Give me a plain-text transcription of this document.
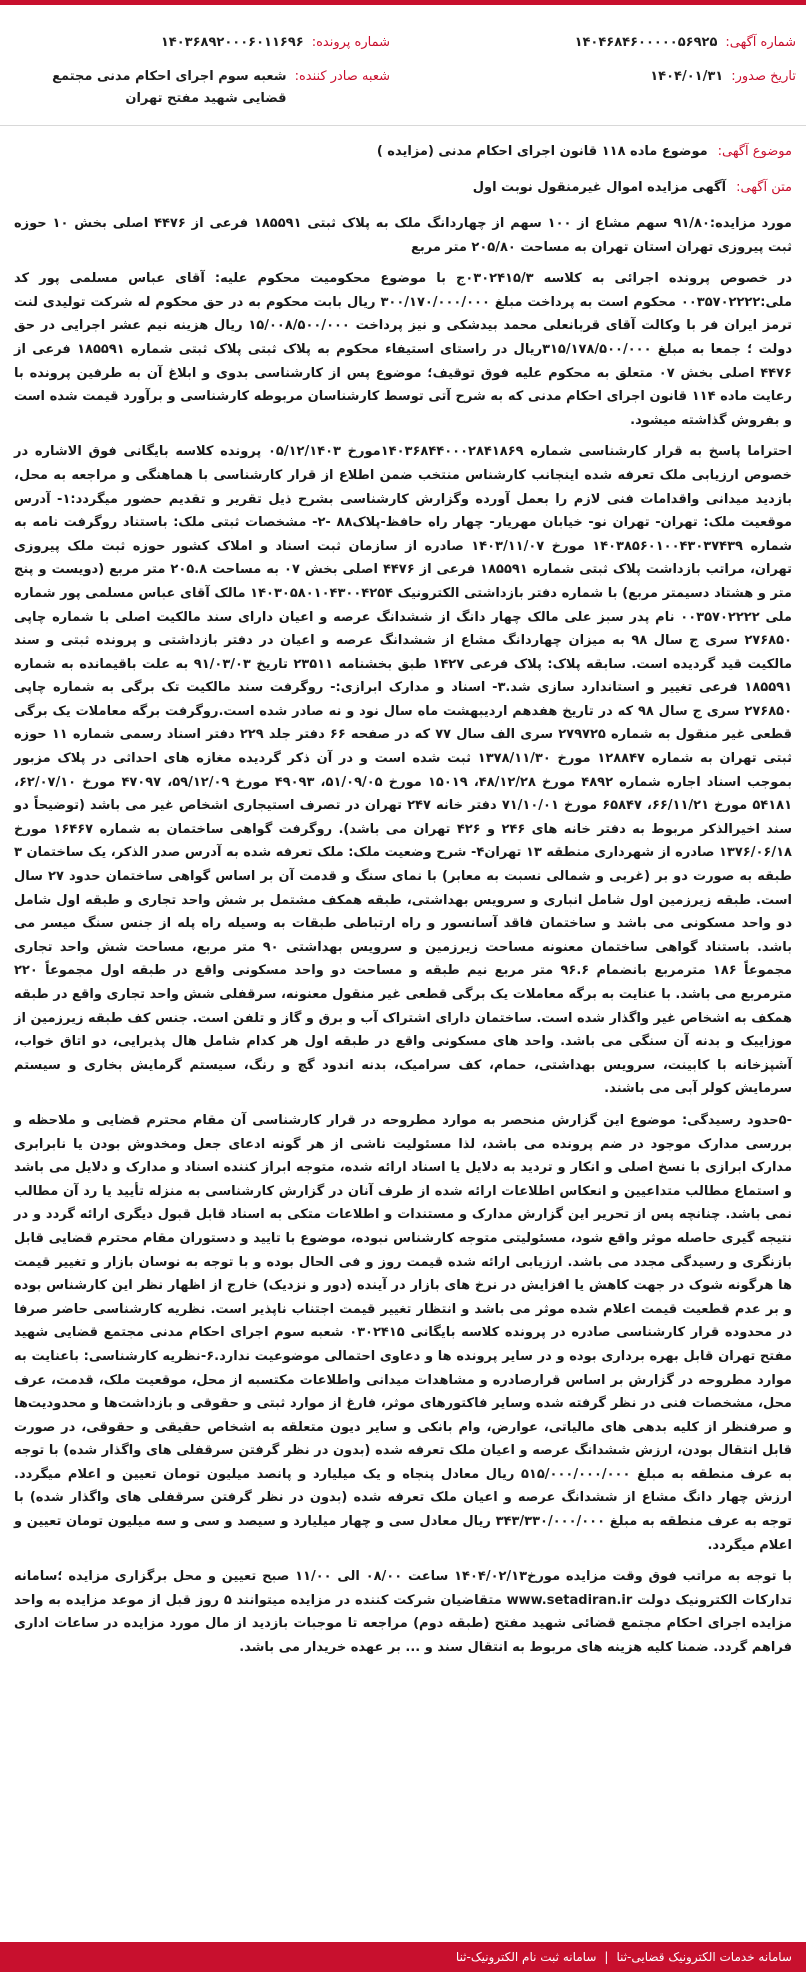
شماره آگهی:
۱۴۰۴۶۸۴۶۰۰۰۰۰۵۶۹۲۵
تاریخ صدور:
۱۴۰۴/۰۱/۳۱
شماره پرونده:
۱۴۰۳۶۸۹۲۰۰۰۶۰۱۱۶۹۶
شعبه صادر کننده:
شعبه سوم اجرای احکام مدنی مجتمع قضایی شهید مفتح تهران
موضوع آگهی:
موضوع ماده ۱۱۸ قانون اجرای احکام مدنی (مزایده )
متن آگهی:
آگهی مزایده اموال غیرمنقول نوبت اول

مورد مزایده:۹۱/۸۰ سهم مشاع از ۱۰۰ سهم از چهاردانگ ملک به پلاک ثبتی ۱۸۵۵۹۱ فرعی از ۴۴۷۶ اصلی بخش ۱۰ حوزه ثبت پیروزی تهران استان تهران به مساحت ۲۰۵/۸۰ متر مربع

در خصوص پرونده اجرائی به کلاسه ۰۳۰۲۴۱۵/۳ج با موضوع محکومیت محکوم علیه: آقای عباس مسلمی پور کد ملی:۰۰۳۵۷۰۲۲۲۲ محکوم است به پرداخت مبلغ ۳۰۰/۱۷۰/۰۰۰/۰۰۰ ریال بابت محکوم به در حق محکوم له شرکت تولیدی لنت ترمز ایران فر با وکالت آقای قربانعلی محمد بیدشکی و نیز پرداخت ۱۵/۰۰۸/۵۰۰/۰۰۰ ریال هزینه نیم عشر اجرایی در حق دولت ؛ جمعا به مبلغ ۳۱۵/۱۷۸/۵۰۰/۰۰۰ریال در راستای استیفاء محکوم به پلاک ثبتی پلاک ثبتی شماره ۱۸۵۵۹۱ فرعی از ۴۴۷۶ اصلی بخش ۰۷ متعلق به محکوم علیه فوق توقیف؛ موضوع پس از کارشناسی بدوی و ابلاغ آن به طرفین پرونده با رعایت ماده ۱۱۴ قانون اجرای احکام مدنی که به شرح آتی توسط کارشناسان مربوطه کارشناسی و برآورد قیمت شده است و بفروش گذاشته میشود.

احتراما پاسخ به قرار کارشناسی شماره ۱۴۰۳۶۸۴۴۰۰۰۲۸۴۱۸۶۹مورخ ۰۵/۱۲/۱۴۰۳ پرونده کلاسه بایگانی فوق الاشاره در خصوص ارزیابی ملک تعرفه شده اینجانب کارشناس منتخب ضمن اطلاع از قرار کارشناسی با هماهنگی و مراجعه به محل، بازدید میدانی واقدامات فنی لازم را بعمل آورده وگزارش کارشناسی بشرح ذیل تقریر و تقدیم حضور میگردد:۱- آدرس موقعیت ملک: تهران- تهران نو- خیابان مهریار- چهار راه حافظ-پلاک۸۸ -۲- مشخصات ثبتی ملک: باستناد روگرفت نامه به شماره ۱۴۰۳۸۵۶۰۱۰۰۴۳۰۳۷۴۳۹ مورخ ۱۴۰۳/۱۱/۰۷ صادره از سازمان ثبت اسناد و املاک کشور حوزه ثبت ملک پیروزی تهران، مراتب بازداشت پلاک ثبتی شماره ۱۸۵۵۹۱ فرعی از ۴۴۷۶ اصلی بخش ۰۷ به مساحت ۲۰۵.۸ متر مربع (دویست و پنج متر و هشتاد دسیمتر مربع) با شماره دفتر بازداشتی الکترونیک ۱۴۰۳۰۵۸۰۱۰۴۳۰۰۴۲۵۴ مالک آقای عباس مسلمی پور شماره ملی ۰۰۳۵۷۰۲۲۲۲ نام پدر سبز علی مالک چهار دانگ از ششدانگ عرصه و اعیان دارای سند مالکیت اصلی با شماره چاپی ۲۷۶۸۵۰ سری ج سال ۹۸ به میزان چهاردانگ مشاع از ششدانگ عرصه و اعیان در دفتر بازداشتی و پرونده ثبتی و سند مالکیت قید گردیده است. سابقه پلاک: پلاک فرعی ۱۴۲۷ طبق بخشنامه ۲۳۵۱۱ تاریخ ۹۱/۰۳/۰۳ به علت باقیمانده به شماره ۱۸۵۵۹۱ فرعی تغییر و استاندارد سازی شد.۳- اسناد و مدارک ابرازی:- روگرفت سند مالکیت تک برگی به شماره چاپی ۲۷۶۸۵۰ سری ج سال ۹۸ که در تاریخ هفدهم اردیبهشت ماه سال نود و نه صادر شده است.روگرفت برگه معاملات یک برگی قطعی غیر منقول به شماره ۲۷۹۷۲۵ سری الف سال ۷۷ که در صفحه ۶۶ دفتر جلد ۲۲۹ دفتر اسناد رسمی شماره ۱۱ حوزه ثبتی تهران به شماره ۱۲۸۸۴۷ مورخ ۱۳۷۸/۱۱/۳۰ ثبت شده است و در آن ذکر گردیده مغازه های احداثی در پلاک مزبور بموجب اسناد اجاره شماره ۴۸۹۲ مورخ ۴۸/۱۲/۲۸، ۱۵۰۱۹ مورخ ۵۱/۰۹/۰۵، ۴۹۰۹۳ مورخ ۵۹/۱۲/۰۹، ۴۷۰۹۷ مورخ ۶۲/۰۷/۱۰، ۵۴۱۸۱ مورخ ۶۶/۱۱/۲۱، ۶۵۸۴۷ مورخ ۷۱/۱۰/۰۱ دفتر خانه ۲۴۷ تهران در تصرف استیجاری اشخاص غیر می باشد (توضیحاً دو سند اخیرالذکر مربوط به دفتر خانه های ۲۴۶ و ۴۲۶ تهران می باشد). روگرفت گواهی ساختمان به شماره ۱۶۴۶۷ مورخ ۱۳۷۶/۰۶/۱۸ صادره از شهرداری منطقه ۱۳ تهران۴- شرح وضعیت ملک: ملک تعرفه شده به آدرس صدر الذکر، یک ساختمان ۳ طبقه به صورت دو بر (غربی و شمالی نسبت به معابر) با نمای سنگ و قدمت آن بر اساس گواهی ساختمان حدود ۲۷ سال است. طبقه زیرزمین اول شامل انباری و سرویس بهداشتی، طبقه همکف مشتمل بر شش واحد تجاری و طبقه اول شامل دو واحد مسکونی می باشد و ساختمان فاقد آسانسور و راه ارتباطی طبقات به وسیله راه پله از جنس سنگ میسر می باشد. باستناد گواهی ساختمان معنونه مساحت زیرزمین و سرویس بهداشتی ۹۰ متر مربع، مساحت شش واحد تجاری مجموعاً ۱۸۶ مترمربع بانضمام ۹۶.۶ متر مربع نیم طبقه و مساحت دو واحد مسکونی واقع در طبقه اول مجموعاً ۲۲۰ مترمربع می باشد. با عنایت به برگه معاملات یک برگی قطعی غیر منقول معنونه، سرقفلی شش واحد تجاری واقع در طبقه همکف به اشخاص غیر واگذار شده است. ساختمان دارای اشتراک آب و برق و گاز و تلفن است. جنس کف طبقه زیرزمین از موزاییک و بدنه آن سنگی می باشد. واحد های مسکونی واقع در طبقه اول هر کدام شامل هال پذیرایی، دو اتاق خواب، آشپزخانه با کابینت، سرویس بهداشتی، حمام، کف سرامیک، بدنه اندود گچ و رنگ، سیستم گرمایش بخاری و سیستم سرمایش کولر آبی می باشند.

-۵حدود رسیدگی: موضوع این گزارش منحصر به موارد مطروحه در قرار کارشناسی آن مقام محترم قضایی و ملاحظه و بررسی مدارک موجود در ضم پرونده می باشد، لذا مسئولیت ناشی از هر گونه ادعای جعل ومخدوش بودن یا نابرابری مدارک ابرازی با نسخ اصلی و انکار و تردید به دلایل یا اسناد ارائه شده، متوجه ابراز کننده اسناد و مدارک و دلایل می باشد و استماع مطالب متداعیین و انعکاس اطلاعات ارائه شده از طرف آنان در گزارش کارشناسی به منزله تأیید یا رد آن مطالب نمی باشد. چنانچه پس از تحریر این گزارش مدارک و مستندات و اطلاعات متکی به اسناد قابل قبول دیگری ارائه گردد و در نتیجه گیری حاصله موثر واقع شود، مسئولیتی متوجه کارشناس نبوده، موضوع با تایید و دستوران مقام محترم قضایی قابل بازنگری و رسیدگی مجدد می باشد. ارزیابی ارائه شده قیمت روز و فی الحال بوده و با توجه به نوسان بازار و تغییر قیمت ها هرگونه شوک در جهت کاهش یا افزایش در نرخ های بازار در آینده (دور و نزدیک) خارج از اظهار نظر این کارشناس بوده و بر عدم قطعیت قیمت اعلام شده موثر می باشد و انتظار تغییر قیمت اجتناب ناپذیر است. نظریه کارشناسی حاضر صرفا در محدوده قرار کارشناسی صادره در پرونده کلاسه بایگانی ۰۳۰۲۴۱۵ شعبه سوم اجرای احکام مدنی مجتمع قضایی شهید مفتح تهران قابل بهره برداری بوده و در سایر پرونده ها و دعاوی احتمالی موضوعیت ندارد.۶-نظریه کارشناسی: باعنایت به موارد مطروحه در گزارش بر اساس قرارصادره و مشاهدات میدانی واطلاعات مکتسبه از محل، موقعیت ملک، قدمت، عرف محل، مشخصات فنی در نظر گرفته شده وسایر فاکتورهای موثر، فارغ از موارد ثبتی و حقوقی و بازداشت‌ها و محدودیت‌ها و صرفنظر از کلیه بدهی های مالیاتی، عوارض، وام بانکی و سایر دیون متعلقه به اشخاص حقیقی و حقوقی، در صورت قابل انتقال بودن، ارزش ششدانگ عرصه و اعیان ملک تعرفه شده (بدون در نظر گرفتن سرقفلی های واگذار شده) با توجه به عرف منطقه به مبلغ ۵۱۵/۰۰۰/۰۰۰/۰۰۰ ریال معادل پنجاه و یک میلیارد و پانصد میلیون تومان تعیین و اعلام میگردد. ارزش چهار دانگ مشاع از ششدانگ عرصه و اعیان ملک تعرفه شده (بدون در نظر گرفتن سرقفلی های واگذار شده) با توجه به عرف منطقه به مبلغ ۳۴۳/۳۳۰/۰۰۰/۰۰۰ ریال معادل سی و چهار میلیارد و سیصد و سی و سه میلیون تومان تعیین و اعلام میگردد.

با توجه به مراتب فوق وقت مزایده مورخ۱۴۰۴/۰۲/۱۳ ساعت ۰۸/۰۰ الی ۱۱/۰۰ صبح تعیین و محل برگزاری مزایده ؛سامانه تدارکات الکترونیک دولت www.setadiran.ir متقاضیان شرکت کننده در مزایده میتوانند ۵ روز قبل از موعد مزایده به واحد مزایده اجرای احکام مجتمع قضائی شهید مفتح (طبقه دوم) مراجعه تا موجبات بازدید از مال مورد مزایده در ساعات اداری فراهم گردد. ضمنا کلیه هزینه های مربوط به انتقال سند و ... بر عهده خریدار می باشد.

سامانه خدمات الکترونیک قضایی-ثنا
|
سامانه ثبت نام الکترونیک-ثنا
